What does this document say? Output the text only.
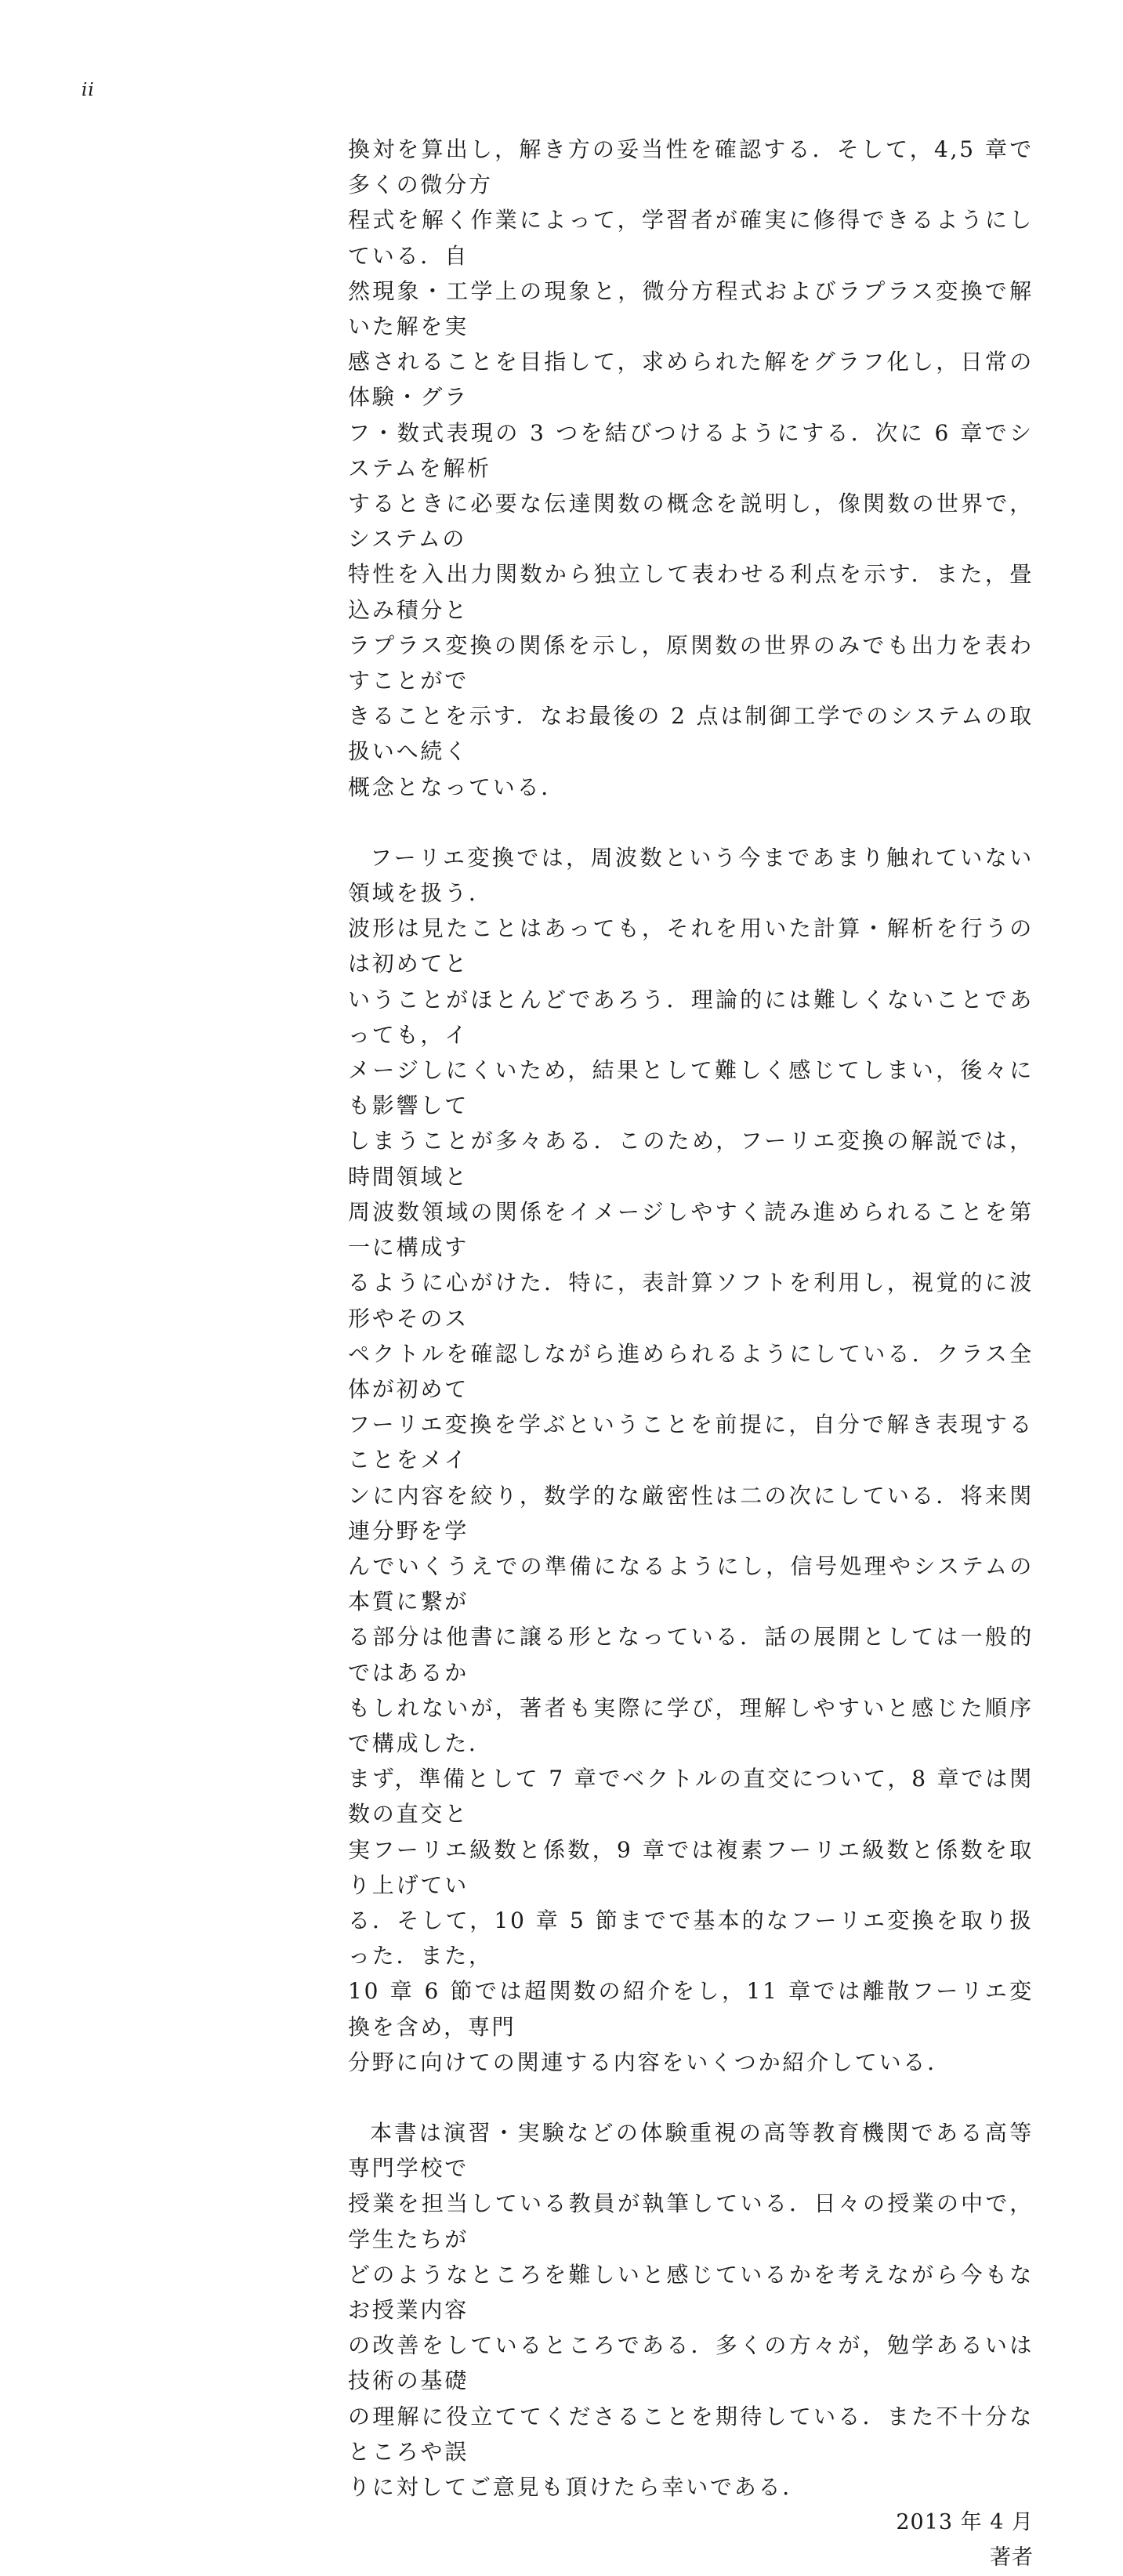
ii

換対を算出し，解き方の妥当性を確認する．そして，4,5 章で多くの微分方
程式を解く作業によって，学習者が確実に修得できるようにしている．自
然現象・工学上の現象と，微分方程式およびラプラス変換で解いた解を実
感されることを目指して，求められた解をグラフ化し，日常の体験・グラ
フ・数式表現の 3 つを結びつけるようにする．次に 6 章でシステムを解析
するときに必要な伝達関数の概念を説明し，像関数の世界で，システムの
特性を入出力関数から独立して表わせる利点を示す．また，畳込み積分と
ラプラス変換の関係を示し，原関数の世界のみでも出力を表わすことがで
きることを示す．なお最後の 2 点は制御工学でのシステムの取扱いへ続く
概念となっている．

フーリエ変換では，周波数という今まであまり触れていない領域を扱う．
波形は見たことはあっても，それを用いた計算・解析を行うのは初めてと
いうことがほとんどであろう．理論的には難しくないことであっても，イ
メージしにくいため，結果として難しく感じてしまい，後々にも影響して
しまうことが多々ある．このため，フーリエ変換の解説では，時間領域と
周波数領域の関係をイメージしやすく読み進められることを第一に構成す
るように心がけた．特に，表計算ソフトを利用し，視覚的に波形やそのス
ペクトルを確認しながら進められるようにしている．クラス全体が初めて
フーリエ変換を学ぶということを前提に，自分で解き表現することをメイ
ンに内容を絞り，数学的な厳密性は二の次にしている．将来関連分野を学
んでいくうえでの準備になるようにし，信号処理やシステムの本質に繋が
る部分は他書に譲る形となっている．話の展開としては一般的ではあるか
もしれないが，著者も実際に学び，理解しやすいと感じた順序で構成した．
まず，準備として 7 章でベクトルの直交について，8 章では関数の直交と
実フーリエ級数と係数，9 章では複素フーリエ級数と係数を取り上げてい
る．そして，10 章 5 節までで基本的なフーリエ変換を取り扱った．また，
10 章 6 節では超関数の紹介をし，11 章では離散フーリエ変換を含め，専門
分野に向けての関連する内容をいくつか紹介している．

本書は演習・実験などの体験重視の高等教育機関である高等専門学校で
授業を担当している教員が執筆している．日々の授業の中で，学生たちが
どのようなところを難しいと感じているかを考えながら今もなお授業内容
の改善をしているところである．多くの方々が，勉学あるいは技術の基礎
の理解に役立ててくださることを期待している．また不十分なところや誤
りに対してご意見も頂けたら幸いである．

2013 年 4 月
著者
